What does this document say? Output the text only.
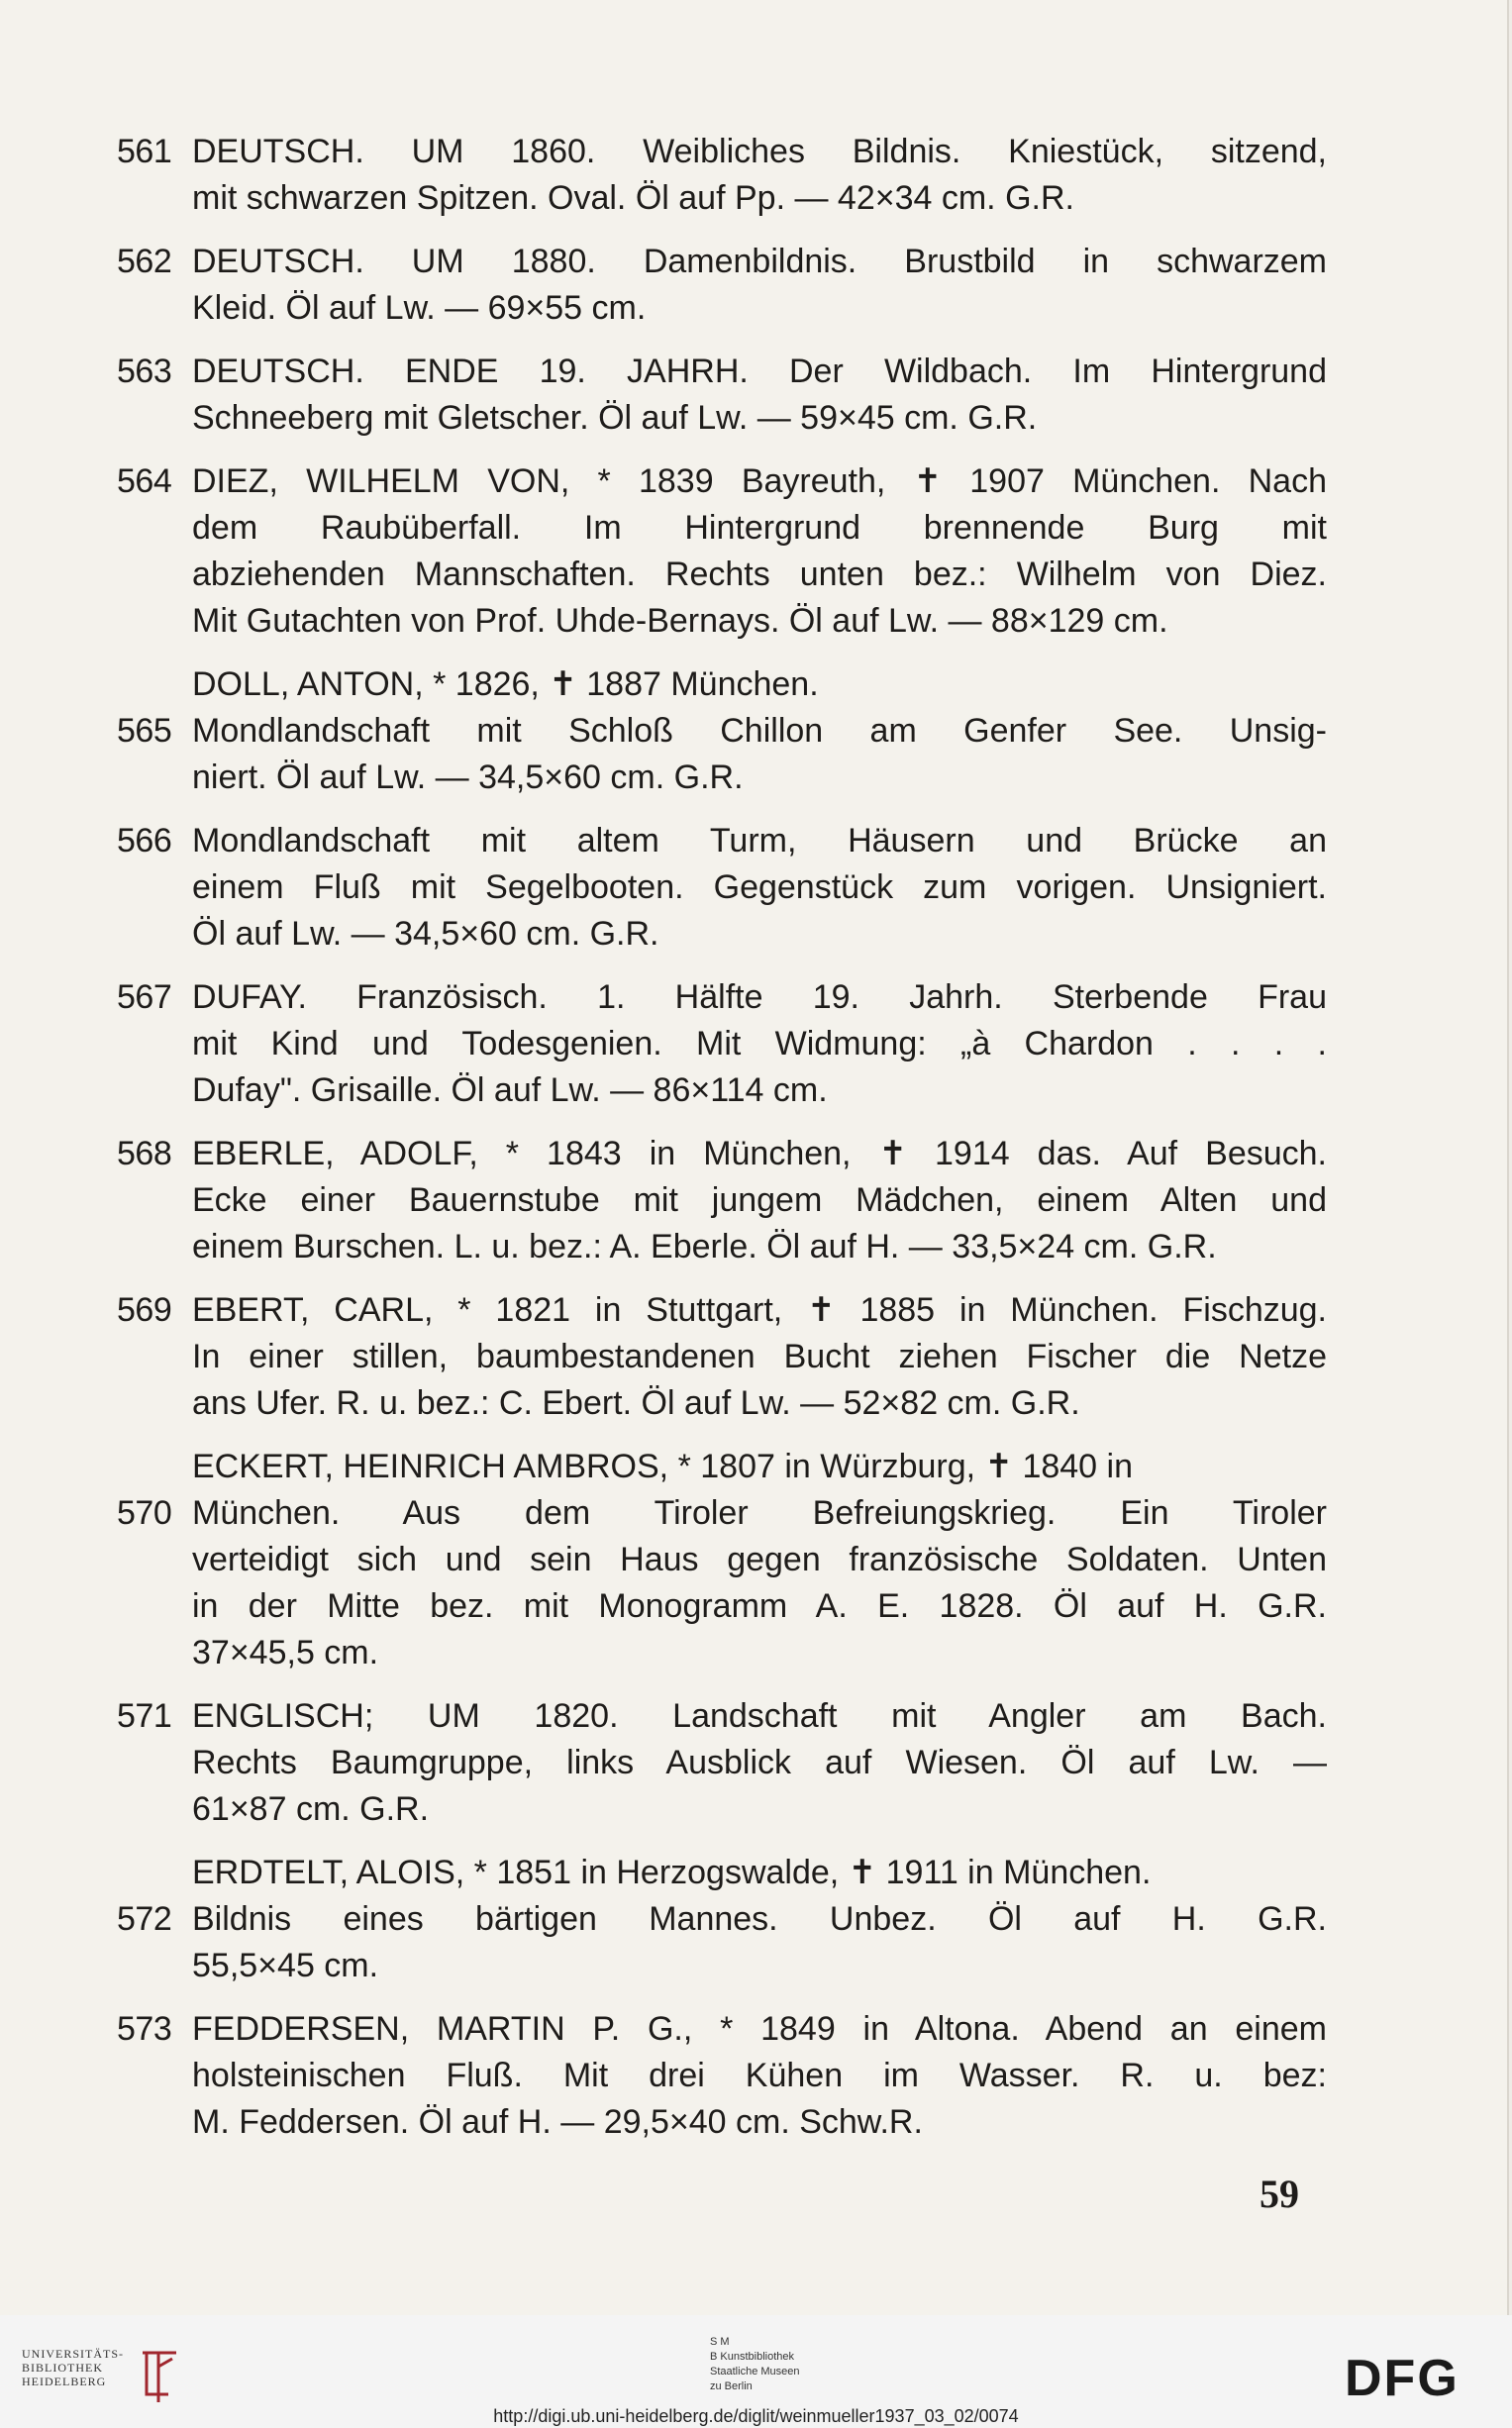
561 DEUTSCH. UM 1860. Weibliches Bildnis. Kniestück, sitzend,
mit schwarzen Spitzen. Oval. Öl auf Pp. — 42×34 cm. G.R.
562 DEUTSCH. UM 1880. Damenbildnis. Brustbild in schwarzem
Kleid. Öl auf Lw. — 69×55 cm.
563 DEUTSCH. ENDE 19. JAHRH. Der Wildbach. Im Hintergrund
Schneeberg mit Gletscher. Öl auf Lw. — 59×45 cm. G.R.
564 DIEZ, WILHELM VON, * 1839 Bayreuth, ✝ 1907 München. Nach
dem Raubüberfall. Im Hintergrund brennende Burg mit
abziehenden Mannschaften. Rechts unten bez.: Wilhelm von Diez.
Mit Gutachten von Prof. Uhde-Bernays. Öl auf Lw. — 88×129 cm.
DOLL, ANTON, * 1826, ✝ 1887 München.
565 Mondlandschaft mit Schloß Chillon am Genfer See. Unsig-
niert. Öl auf Lw. — 34,5×60 cm. G.R.
566 Mondlandschaft mit altem Turm, Häusern und Brücke an
einem Fluß mit Segelbooten. Gegenstück zum vorigen. Unsigniert.
Öl auf Lw. — 34,5×60 cm. G.R.
567 DUFAY. Französisch. 1. Hälfte 19. Jahrh. Sterbende Frau
mit Kind und Todesgenien. Mit Widmung: „à Chardon . . . .
Dufay". Grisaille. Öl auf Lw. — 86×114 cm.
568 EBERLE, ADOLF, * 1843 in München, ✝ 1914 das. Auf Besuch.
Ecke einer Bauernstube mit jungem Mädchen, einem Alten und
einem Burschen. L. u. bez.: A. Eberle. Öl auf H. — 33,5×24 cm. G.R.
569 EBERT, CARL, * 1821 in Stuttgart, ✝ 1885 in München. Fischzug.
In einer stillen, baumbestandenen Bucht ziehen Fischer die Netze
ans Ufer. R. u. bez.: C. Ebert. Öl auf Lw. — 52×82 cm. G.R.
ECKERT, HEINRICH AMBROS, * 1807 in Würzburg, ✝ 1840 in
570 München. Aus dem Tiroler Befreiungskrieg. Ein Tiroler
verteidigt sich und sein Haus gegen französische Soldaten. Unten
in der Mitte bez. mit Monogramm A. E. 1828. Öl auf H. G.R.
37×45,5 cm.
571 ENGLISCH; UM 1820. Landschaft mit Angler am Bach.
Rechts Baumgruppe, links Ausblick auf Wiesen. Öl auf Lw. —
61×87 cm. G.R.
ERDTELT, ALOIS, * 1851 in Herzogswalde, ✝ 1911 in München.
572 Bildnis eines bärtigen Mannes. Unbez. Öl auf H. G.R.
55,5×45 cm.
573 FEDDERSEN, MARTIN P. G., * 1849 in Altona. Abend an einem
holsteinischen Fluß. Mit drei Kühen im Wasser. R. u. bez:
M. Feddersen. Öl auf H. — 29,5×40 cm. Schw.R.
59
UNIVERSITÄTS-
BIBLIOTHEK
HEIDELBERG
S M
B Kunstbibliothek
Staatliche Museen
zu Berlin	DFG
http://digi.ub.uni-heidelberg.de/diglit/weinmueller1937_03_02/0074
